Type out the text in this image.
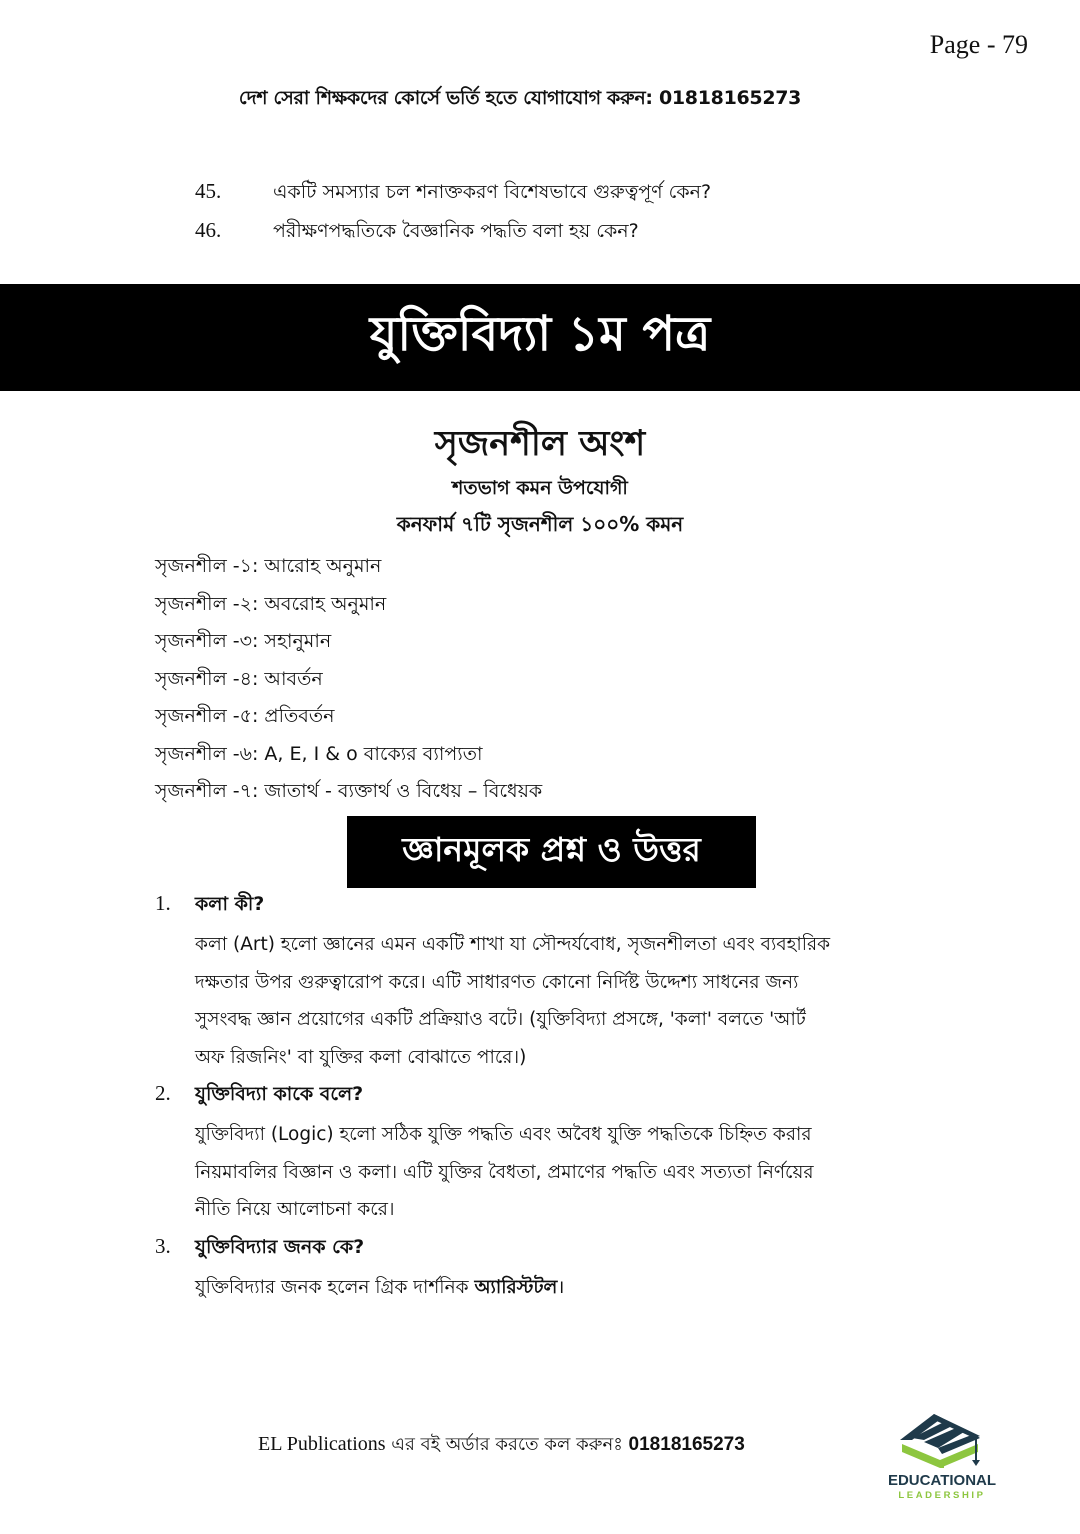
Page - 79
দেশ সেরা শিক্ষকদের কোর্সে ভর্তি হতে যোগাযোগ করুন: 01818165273
45.	একটি সমস্যার চল শনাক্তকরণ বিশেষভাবে গুরুত্বপূর্ণ কেন?
46.	পরীক্ষণপদ্ধতিকে বৈজ্ঞানিক পদ্ধতি বলা হয় কেন?
যুক্তিবিদ্যা ১ম পত্র
সৃজনশীল অংশ
শতভাগ কমন উপযোগী
কনফার্ম ৭টি সৃজনশীল ১০০% কমন
সৃজনশীল -১: আরোহ অনুমান
সৃজনশীল -২: অবরোহ অনুমান
সৃজনশীল -৩: সহানুমান
সৃজনশীল -৪: আবর্তন
সৃজনশীল -৫: প্রতিবর্তন
সৃজনশীল -৬: A, E, I & o বাক্যের ব্যাপ্যতা
সৃজনশীল -৭: জাতার্থ - ব্যক্তার্থ ও বিধেয় – বিধেয়ক
জ্ঞানমূলক প্রশ্ন ও উত্তর
1. কলা কী?
কলা (Art) হলো জ্ঞানের এমন একটি শাখা যা সৌন্দর্যবোধ, সৃজনশীলতা এবং ব্যবহারিক
দক্ষতার উপর গুরুত্বারোপ করে। এটি সাধারণত কোনো নির্দিষ্ট উদ্দেশ্য সাধনের জন্য
সুসংবদ্ধ জ্ঞান প্রয়োগের একটি প্রক্রিয়াও বটে। (যুক্তিবিদ্যা প্রসঙ্গে, 'কলা' বলতে 'আর্ট
অফ রিজনিং' বা যুক্তির কলা বোঝাতে পারে।)
2. যুক্তিবিদ্যা কাকে বলে?
যুক্তিবিদ্যা (Logic) হলো সঠিক যুক্তি পদ্ধতি এবং অবৈধ যুক্তি পদ্ধতিকে চিহ্নিত করার
নিয়মাবলির বিজ্ঞান ও কলা। এটি যুক্তির বৈধতা, প্রমাণের পদ্ধতি এবং সত্যতা নির্ণয়ের
নীতি নিয়ে আলোচনা করে।
3. যুক্তিবিদ্যার জনক কে?
যুক্তিবিদ্যার জনক হলেন গ্রিক দার্শনিক অ্যারিস্টটল।
EL Publications এর বই অর্ডার করতে কল করুনঃ 01818165273
EDUCATIONAL
LEADERSHIP
